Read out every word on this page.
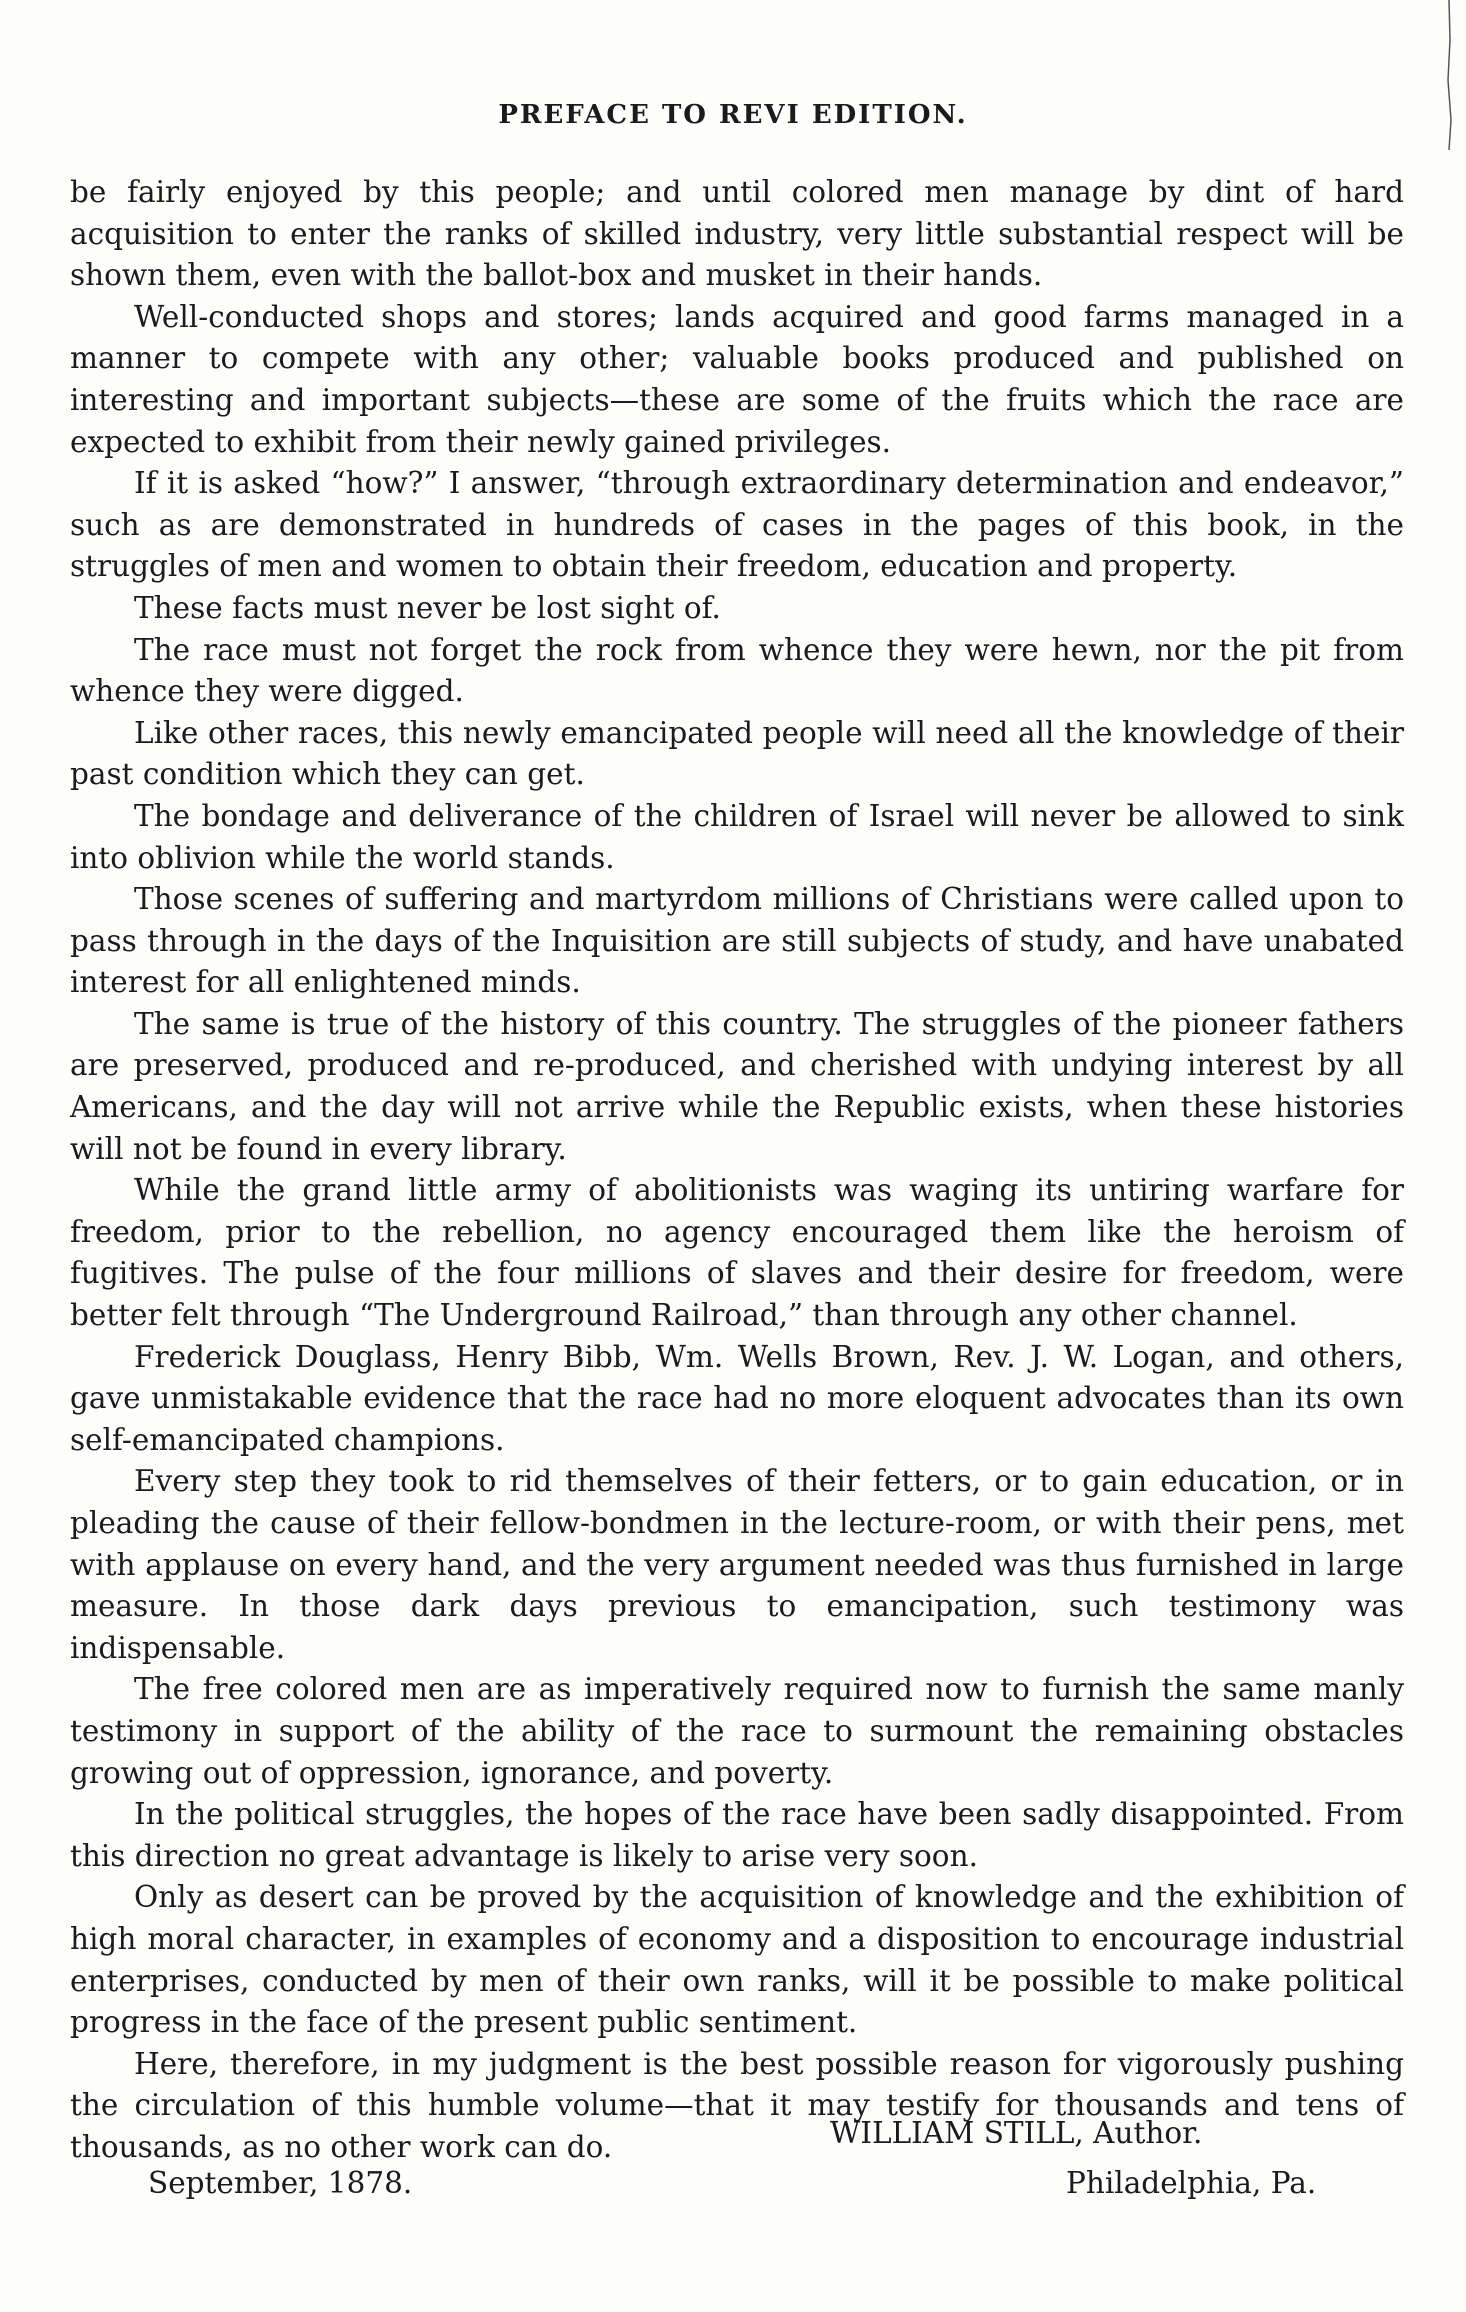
PREFACE TO REVI EDITION.

be fairly enjoyed by this people; and until colored men manage by dint of hard acquisition to enter the ranks of skilled industry, very little substantial respect will be shown them, even with the ballot-box and musket in their hands.

Well-conducted shops and stores; lands acquired and good farms managed in a manner to compete with any other; valuable books produced and published on interesting and important subjects—these are some of the fruits which the race are expected to exhibit from their newly gained privileges.

If it is asked “how?” I answer, “through extraordinary determination and endeavor,” such as are demonstrated in hundreds of cases in the pages of this book, in the struggles of men and women to obtain their freedom, education and property.

These facts must never be lost sight of.

The race must not forget the rock from whence they were hewn, nor the pit from whence they were digged.

Like other races, this newly emancipated people will need all the knowledge of their past condition which they can get.

The bondage and deliverance of the children of Israel will never be allowed to sink into oblivion while the world stands.

Those scenes of suffering and martyrdom millions of Christians were called upon to pass through in the days of the Inquisition are still subjects of study, and have unabated interest for all enlightened minds.

The same is true of the history of this country. The struggles of the pioneer fathers are preserved, produced and re-produced, and cherished with undying interest by all Americans, and the day will not arrive while the Republic exists, when these histories will not be found in every library.

While the grand little army of abolitionists was waging its untiring warfare for freedom, prior to the rebellion, no agency encouraged them like the heroism of fugitives. The pulse of the four millions of slaves and their desire for freedom, were better felt through “The Underground Railroad,” than through any other channel.

Frederick Douglass, Henry Bibb, Wm. Wells Brown, Rev. J. W. Logan, and others, gave unmistakable evidence that the race had no more eloquent advocates than its own self-emancipated champions.

Every step they took to rid themselves of their fetters, or to gain education, or in pleading the cause of their fellow-bondmen in the lecture-room, or with their pens, met with applause on every hand, and the very argument needed was thus furnished in large measure. In those dark days previous to emancipation, such testimony was indispensable.

The free colored men are as imperatively required now to furnish the same manly testimony in support of the ability of the race to surmount the remaining obstacles growing out of oppression, ignorance, and poverty.

In the political struggles, the hopes of the race have been sadly disappointed. From this direction no great advantage is likely to arise very soon.

Only as desert can be proved by the acquisition of knowledge and the exhibition of high moral character, in examples of economy and a disposition to encourage industrial enterprises, conducted by men of their own ranks, will it be possible to make political progress in the face of the present public sentiment.

Here, therefore, in my judgment is the best possible reason for vigorously pushing the circulation of this humble volume—that it may testify for thousands and tens of thousands, as no other work can do.	WILLIAM STILL, Author.
September, 1878.	Philadelphia, Pa.
